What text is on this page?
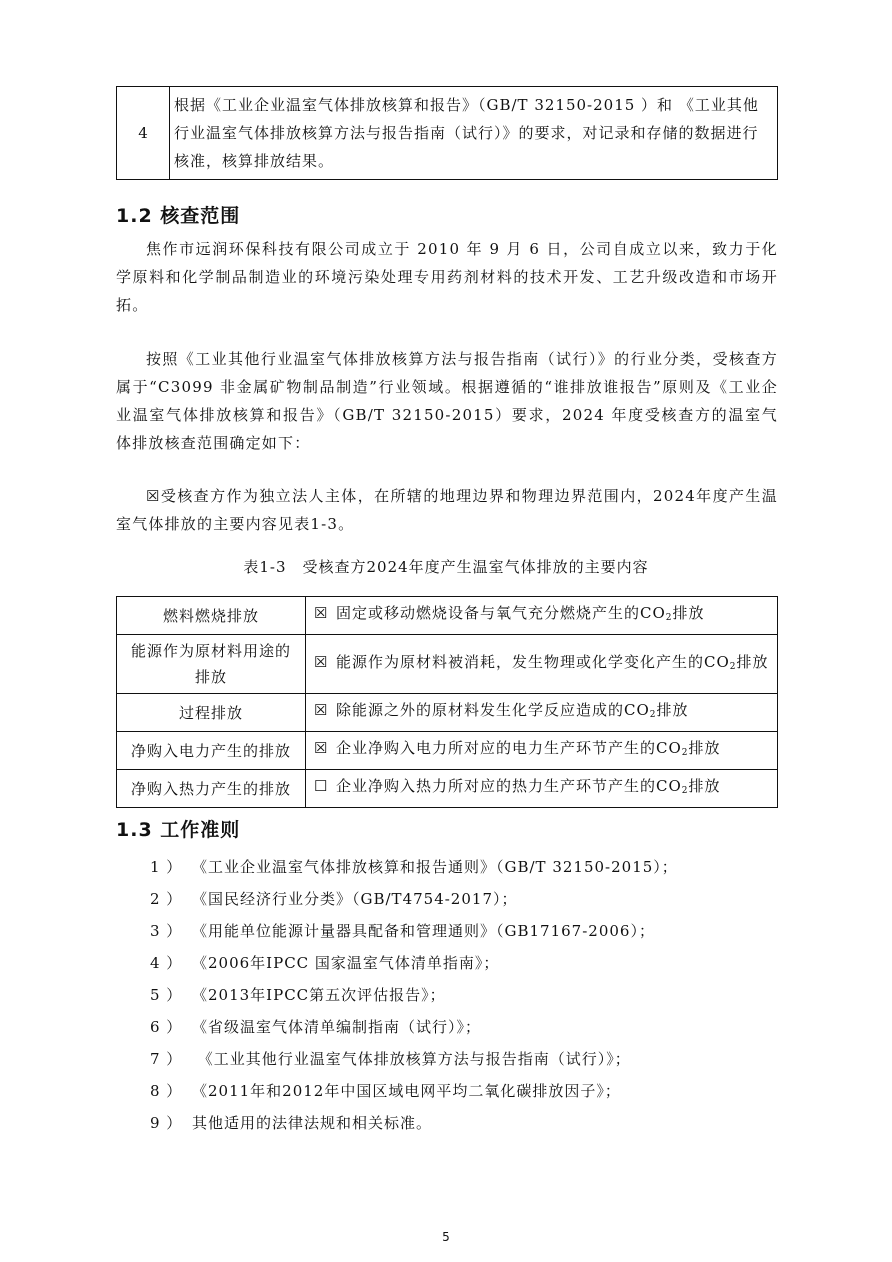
4	根据《工业企业温室气体排放核算和报告》（GB/T 32150-2015 ）和 《工业其他行业温室气体排放核算方法与报告指南（试行）》的要求，对记录和存储的数据进行核准，核算排放结果。
1.2 核查范围
焦作市远润环保科技有限公司成立于 2010 年 9 月 6 日，公司自成立以来，致力于化学原料和化学制品制造业的环境污染处理专用药剂材料的技术开发、工艺升级改造和市场开拓。
按照《工业其他行业温室气体排放核算方法与报告指南（试行）》的行业分类，受核查方属于“C3099 非金属矿物制品制造”行业领域。根据遵循的“谁排放谁报告”原则及《工业企业温室气体排放核算和报告》（GB/T 32150-2015）要求，2024 年度受核查方的温室气体排放核查范围确定如下：
☒受核查方作为独立法人主体，在所辖的地理边界和物理边界范围内，2024年度产生温室气体排放的主要内容见表1-3。
表1-3　受核查方2024年度产生温室气体排放的主要内容
燃料燃烧排放	☒ 固定或移动燃烧设备与氧气充分燃烧产生的$CO_2$排放
能源作为原材料用途的排放	☒ 能源作为原材料被消耗，发生物理或化学变化产生的$CO_2$排放
过程排放	☒ 除能源之外的原材料发生化学反应造成的$CO_2$排放
净购入电力产生的排放	☒ 企业净购入电力所对应的电力生产环节产生的$CO_2$排放
净购入热力产生的排放	☐ 企业净购入热力所对应的热力生产环节产生的$CO_2$排放
1.3 工作准则
1 ） 《工业企业温室气体排放核算和报告通则》（GB/T 32150-2015）；
2 ） 《国民经济行业分类》（GB/T4754-2017）；
3 ） 《用能单位能源计量器具配备和管理通则》（GB17167-2006）；
4 ） 《2006年IPCC 国家温室气体清单指南》；
5 ） 《2013年IPCC第五次评估报告》；
6 ） 《省级温室气体清单编制指南（试行）》；
7 ） 《工业其他行业温室气体排放核算方法与报告指南（试行）》；
8 ） 《2011年和2012年中国区域电网平均二氧化碳排放因子》；
9 ） 其他适用的法律法规和相关标准。
5
